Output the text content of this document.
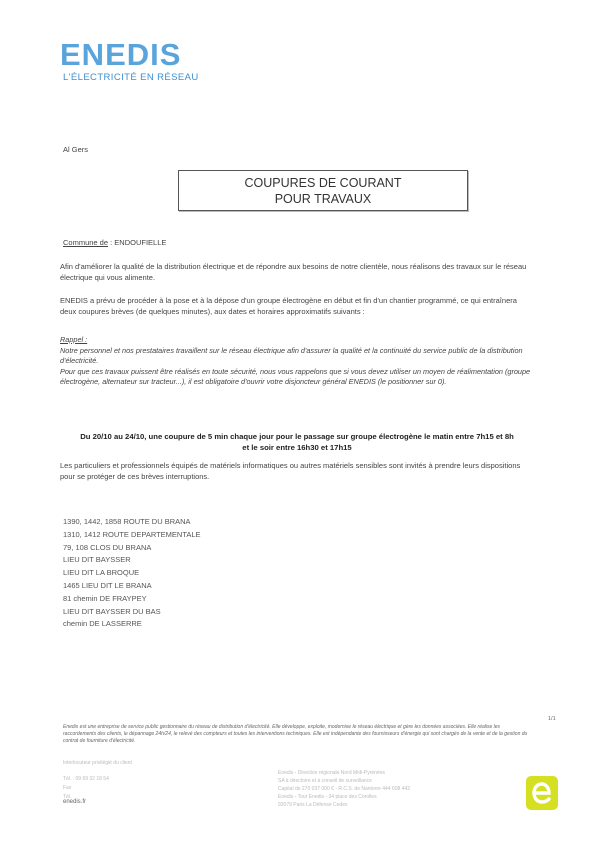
ENEDIS
L'ÉLECTRICITÉ EN RÉSEAU
Al Gers
COUPURES DE COURANT
POUR TRAVAUX
Commune de : ENDOUFIELLE
Afin d'améliorer la qualité de la distribution électrique et de répondre aux besoins de notre clientèle, nous réalisons des travaux sur le réseau électrique qui vous alimente.
ENEDIS a prévu de procéder à la pose et à la dépose d'un groupe électrogène en début et fin d'un chantier programmé, ce qui entraînera deux coupures brèves (de quelques minutes), aux dates et horaires approximatifs suivants :
Rappel :
Notre personnel et nos prestataires travaillent sur le réseau électrique afin d'assurer la qualité et la continuité du service public de la distribution d'électricité.
Pour que ces travaux puissent être réalisés en toute sécurité, nous vous rappelons que si vous devez utiliser un moyen de réalimentation (groupe électrogène, alternateur sur tracteur...), il est obligatoire d'ouvrir votre disjoncteur général ENEDIS (le positionner sur 0).
Du 20/10 au 24/10, une coupure de 5 min chaque jour pour le passage sur groupe électrogène le matin entre 7h15 et 8h
et le soir entre 16h30 et 17h15
Les particuliers et professionnels équipés de matériels informatiques ou autres matériels sensibles sont invités à prendre leurs dispositions pour se protéger de ces brèves interruptions.
1390, 1442, 1858 ROUTE DU BRANA
1310, 1412 ROUTE DEPARTEMENTALE
79, 108 CLOS DU BRANA
LIEU DIT BAYSSER
LIEU DIT LA BROQUE
1465 LIEU DIT LE BRANA
81 chemin DE FRAYPEY
LIEU DIT BAYSSER DU BAS
chemin DE LASSERRE
1/1
Enedis est une entreprise de service public gestionnaire du réseau de distribution d'électricité. Elle développe, exploite, modernise le réseau électrique et gère les données associées. Elle réalise les raccordements des clients, le dépannage 24h/24, le relevé des compteurs et toutes les interventions techniques. Elle est indépendante des fournisseurs d'énergie qui sont chargés de la vente et de la gestion du contrat de fourniture d'électricité.
Interlocuteur privilégié du client
Tél. : 09 69 32 18 54
Fax
Tél.
enedis.fr
Enedis - Direction régionale Nord Midi-Pyrénées
SA à directoire et à conseil de surveillance
Capital de 270 037 000 € - R.C.S. de Nanterre 444 608 442
Enedis - Tour Enedis - 34 place des Corolles
92079 Paris La Défense Cedex
